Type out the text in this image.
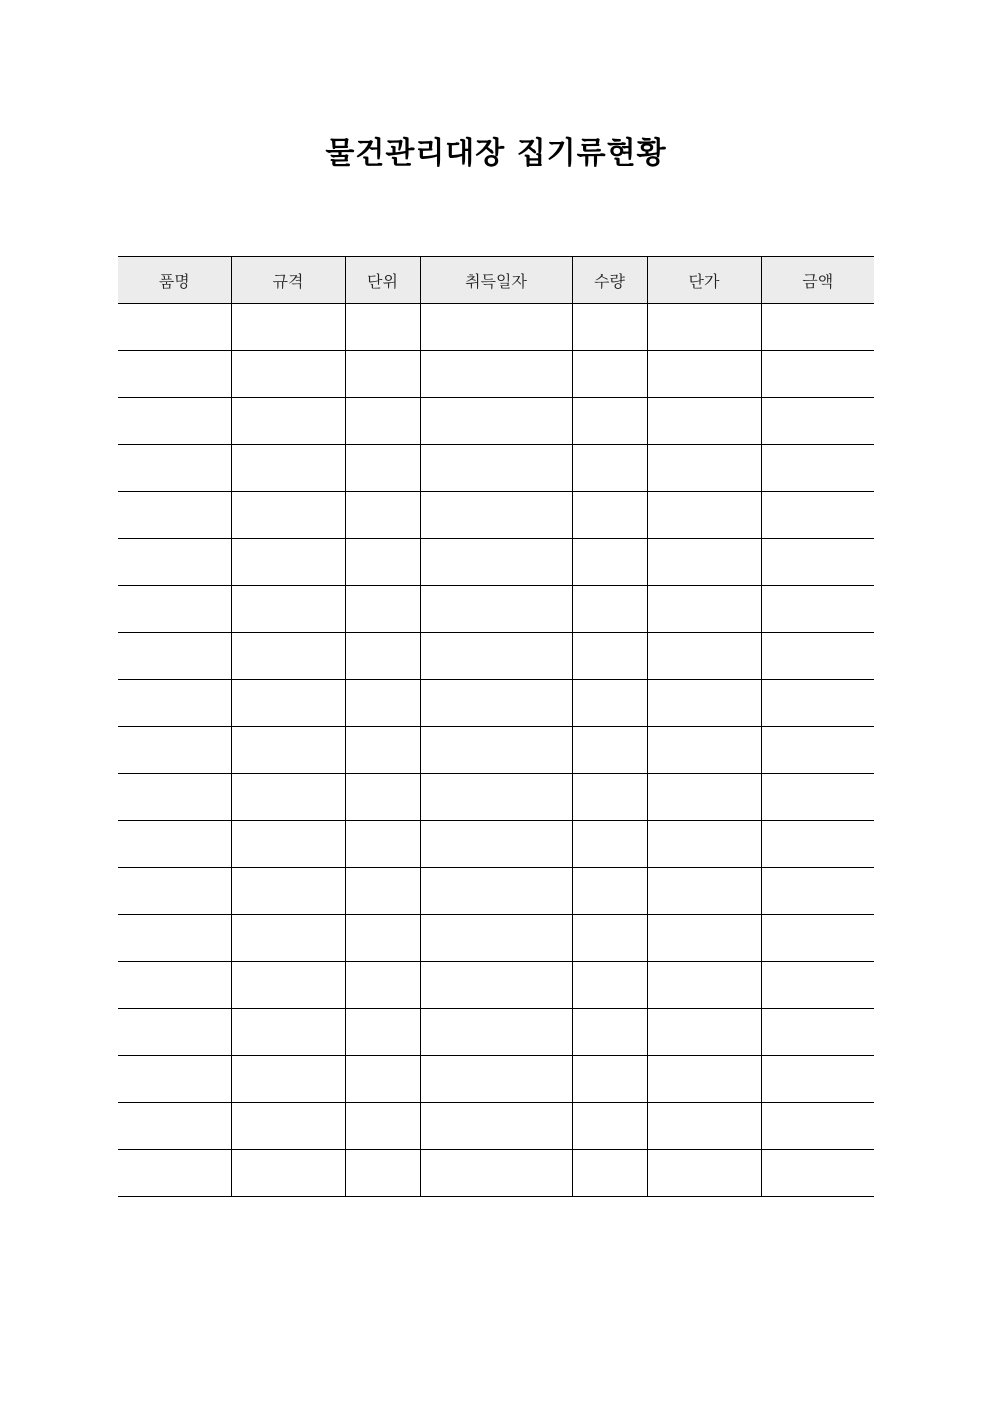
물건관리대장 집기류현황
품명	규격	단위	취득일자	수량	단가	금액
